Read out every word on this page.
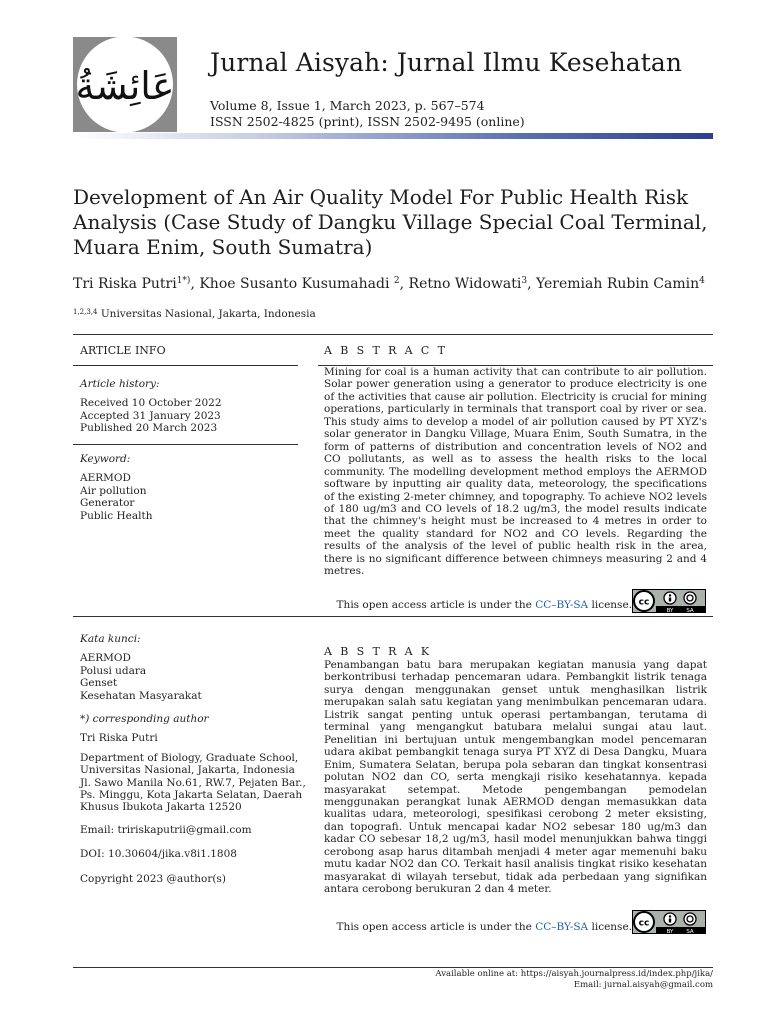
عَائِشَةُ
Jurnal Aisyah: Jurnal Ilmu Kesehatan
Volume 8, Issue 1, March 2023, p. 567–574
ISSN 2502-4825 (print), ISSN 2502-9495 (online)
Development of An Air Quality Model For Public Health Risk Analysis (Case Study of Dangku Village Special Coal Terminal, Muara Enim, South Sumatra)
Tri Riska Putri$^{1*)}$, Khoe Susanto Kusumahadi $^2$, Retno Widowati$^3$, Yeremiah Rubin Camin$^4$
$^{1,2,3,4}$ Universitas Nasional, Jakarta, Indonesia
ARTICLE INFO
Article history:
Received 10 October 2022
Accepted 31 January 2023
Published 20 March 2023
Keyword:
AERMOD
Air pollution
Generator
Public Health
A B S T R A C T
Mining for coal is a human activity that can contribute to air pollution. Solar power generation using a generator to produce electricity is one of the activities that cause air pollution. Electricity is crucial for mining operations, particularly in terminals that transport coal by river or sea. This study aims to develop a model of air pollution caused by PT XYZ's solar generator in Dangku Village, Muara Enim, South Sumatra, in the form of patterns of distribution and concentration levels of NO2 and CO pollutants, as well as to assess the health risks to the local community. The modelling development method employs the AERMOD software by inputting air quality data, meteorology, the specifications of the existing 2-meter chimney, and topography. To achieve NO2 levels of 180 ug/m3 and CO levels of 18.2 ug/m3, the model results indicate that the chimney's height must be increased to 4 metres in order to meet the quality standard for NO2 and CO levels. Regarding the results of the analysis of the level of public health risk in the area, there is no significant difference between chimneys measuring 2 and 4 metres.
This open access article is under the CC–BY-SA license. cc
BY SA
Kata kunci:
AERMOD
Polusi udara
Genset
Kesehatan Masyarakat
*) corresponding author
Tri Riska Putri
Department of Biology, Graduate School,
Universitas Nasional, Jakarta, Indonesia
Jl. Sawo Manila No.61, RW.7, Pejaten Bar.,
Ps. Minggu, Kota Jakarta Selatan, Daerah
Khusus Ibukota Jakarta 12520
Email: tririskaputrii@gmail.com
DOI: 10.30604/jika.v8i1.1808
Copyright 2023 @author(s)
A B S T R A K
Penambangan batu bara merupakan kegiatan manusia yang dapat berkontribusi terhadap pencemaran udara. Pembangkit listrik tenaga surya dengan menggunakan genset untuk menghasilkan listrik merupakan salah satu kegiatan yang menimbulkan pencemaran udara. Listrik sangat penting untuk operasi pertambangan, terutama di terminal yang mengangkut batubara melalui sungai atau laut. Penelitian ini bertujuan untuk mengembangkan model pencemaran udara akibat pembangkit tenaga surya PT XYZ di Desa Dangku, Muara Enim, Sumatera Selatan, berupa pola sebaran dan tingkat konsentrasi polutan NO2 dan CO, serta mengkaji risiko kesehatannya. kepada masyarakat setempat. Metode pengembangan pemodelan menggunakan perangkat lunak AERMOD dengan memasukkan data kualitas udara, meteorologi, spesifikasi cerobong 2 meter eksisting, dan topografi. Untuk mencapai kadar NO2 sebesar 180 ug/m3 dan kadar CO sebesar 18,2 ug/m3, hasil model menunjukkan bahwa tinggi cerobong asap harus ditambah menjadi 4 meter agar memenuhi baku mutu kadar NO2 dan CO. Terkait hasil analisis tingkat risiko kesehatan masyarakat di wilayah tersebut, tidak ada perbedaan yang signifikan antara cerobong berukuran 2 dan 4 meter.
This open access article is under the CC–BY-SA license. cc
BY SA
Available online at: https://aisyah.journalpress.id/index.php/jika/
Email: jurnal.aisyah@gmail.com
